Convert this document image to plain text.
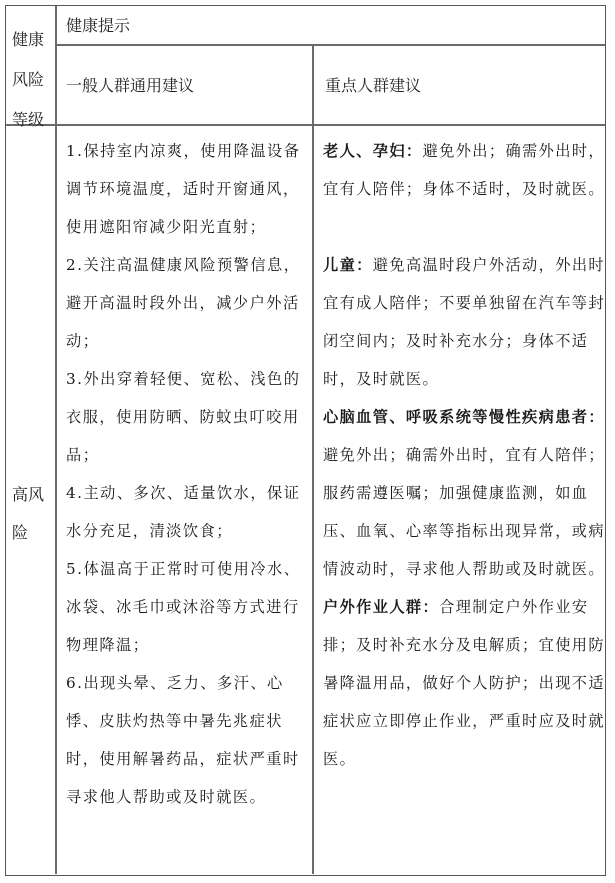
健康
风险
等级
健康提示
一般人群通用建议	重点人群建议
高风
险

1.保持室内凉爽，使用降温设备调节环境温度，适时开窗通风，使用遮阳帘减少阳光直射；

2.关注高温健康风险预警信息，避开高温时段外出，减少户外活动；

3.外出穿着轻便、宽松、浅色的衣服，使用防晒、防蚊虫叮咬用品；

4.主动、多次、适量饮水，保证水分充足，清淡饮食；

5.体温高于正常时可使用冷水、冰袋、冰毛巾或沐浴等方式进行物理降温；

6.出现头晕、乏力、多汗、心悸、皮肤灼热等中暑先兆症状时，使用解暑药品，症状严重时寻求他人帮助或及时就医。

老人、孕妇：避免外出；确需外出时，宜有人陪伴；身体不适时，及时就医。

儿童：避免高温时段户外活动，外出时宜有成人陪伴；不要单独留在汽车等封闭空间内；及时补充水分；身体不适时，及时就医。

心脑血管、呼吸系统等慢性疾病患者：避免外出；确需外出时，宜有人陪伴；服药需遵医嘱；加强健康监测，如血压、血氧、心率等指标出现异常，或病情波动时，寻求他人帮助或及时就医。

户外作业人群：合理制定户外作业安排；及时补充水分及电解质；宜使用防暑降温用品，做好个人防护；出现不适症状应立即停止作业，严重时应及时就医。
